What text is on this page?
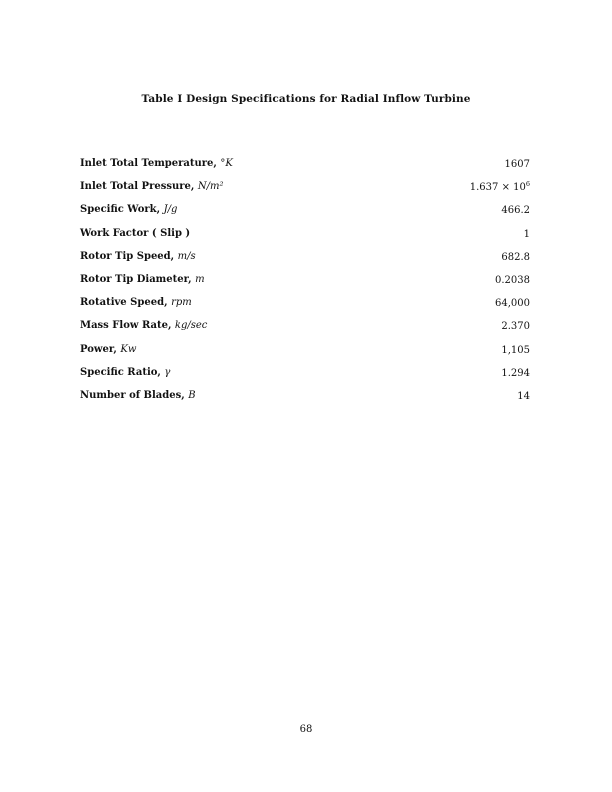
Table I Design Specifications for Radial Inflow Turbine
Inlet Total Temperature, °K	1607
Inlet Total Pressure, N/m²	$1.637 \times 10^6$
Specific Work, J/g	466.2
Work Factor ( Slip )	1
Rotor Tip Speed, m/s	682.8
Rotor Tip Diameter, m	0.2038
Rotative Speed, rpm	64,000
Mass Flow Rate, kg/sec	2.370
Power, Kw	1,105
Specific Ratio, γ	1.294
Number of Blades, B	14
68
